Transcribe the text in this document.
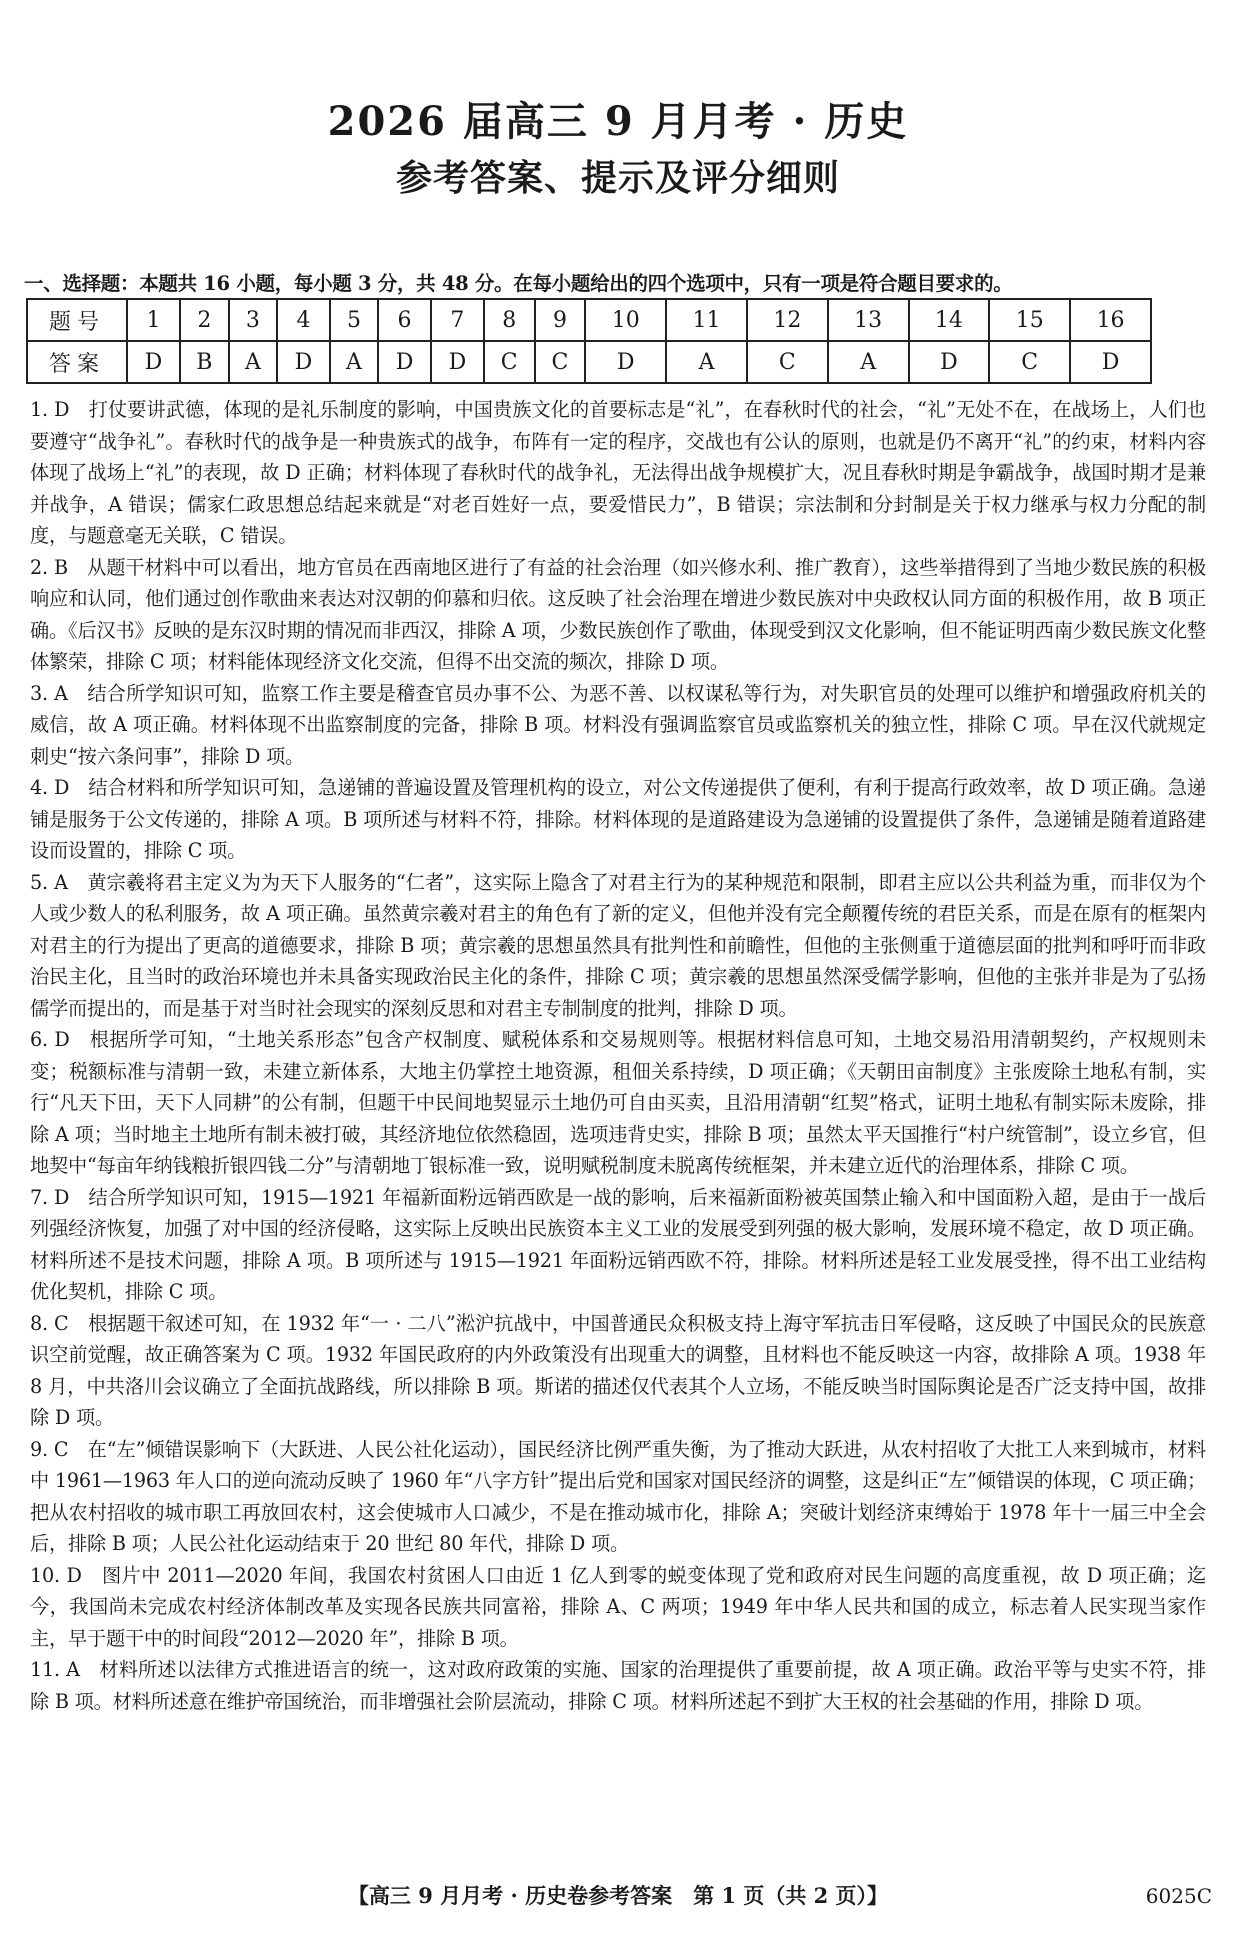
2026 届高三 9 月月考 · 历史
参考答案、提示及评分细则
一、选择题：本题共 16 小题，每小题 3 分，共 48 分。在每小题给出的四个选项中，只有一项是符合题目要求的。
题号	1	2	3	4	5	6	7	8	9	10	11	12	13	14	15	16
答案	D	B	A	D	A	D	D	C	C	D	A	C	A	D	C	D

1. D　打仗要讲武德，体现的是礼乐制度的影响，中国贵族文化的首要标志是“礼”，在春秋时代的社会，“礼”无处不在，在战场上，人们也要遵守“战争礼”。春秋时代的战争是一种贵族式的战争，布阵有一定的程序，交战也有公认的原则，也就是仍不离开“礼”的约束，材料内容体现了战场上“礼”的表现，故 D 正确；材料体现了春秋时代的战争礼，无法得出战争规模扩大，况且春秋时期是争霸战争，战国时期才是兼并战争，A 错误；儒家仁政思想总结起来就是“对老百姓好一点，要爱惜民力”，B 错误；宗法制和分封制是关于权力继承与权力分配的制度，与题意毫无关联，C 错误。

2. B　从题干材料中可以看出，地方官员在西南地区进行了有益的社会治理（如兴修水利、推广教育），这些举措得到了当地少数民族的积极响应和认同，他们通过创作歌曲来表达对汉朝的仰慕和归依。这反映了社会治理在增进少数民族对中央政权认同方面的积极作用，故 B 项正确。《后汉书》反映的是东汉时期的情况而非西汉，排除 A 项，少数民族创作了歌曲，体现受到汉文化影响，但不能证明西南少数民族文化整体繁荣，排除 C 项；材料能体现经济文化交流，但得不出交流的频次，排除 D 项。

3. A　结合所学知识可知，监察工作主要是稽查官员办事不公、为恶不善、以权谋私等行为，对失职官员的处理可以维护和增强政府机关的威信，故 A 项正确。材料体现不出监察制度的完备，排除 B 项。材料没有强调监察官员或监察机关的独立性，排除 C 项。早在汉代就规定刺史“按六条问事”，排除 D 项。

4. D　结合材料和所学知识可知，急递铺的普遍设置及管理机构的设立，对公文传递提供了便利，有利于提高行政效率，故 D 项正确。急递铺是服务于公文传递的，排除 A 项。B 项所述与材料不符，排除。材料体现的是道路建设为急递铺的设置提供了条件，急递铺是随着道路建设而设置的，排除 C 项。

5. A　黄宗羲将君主定义为为天下人服务的“仁者”，这实际上隐含了对君主行为的某种规范和限制，即君主应以公共利益为重，而非仅为个人或少数人的私利服务，故 A 项正确。虽然黄宗羲对君主的角色有了新的定义，但他并没有完全颠覆传统的君臣关系，而是在原有的框架内对君主的行为提出了更高的道德要求，排除 B 项；黄宗羲的思想虽然具有批判性和前瞻性，但他的主张侧重于道德层面的批判和呼吁而非政治民主化，且当时的政治环境也并未具备实现政治民主化的条件，排除 C 项；黄宗羲的思想虽然深受儒学影响，但他的主张并非是为了弘扬儒学而提出的，而是基于对当时社会现实的深刻反思和对君主专制制度的批判，排除 D 项。

6. D　根据所学可知，“土地关系形态”包含产权制度、赋税体系和交易规则等。根据材料信息可知，土地交易沿用清朝契约，产权规则未变；税额标准与清朝一致，未建立新体系，大地主仍掌控土地资源，租佃关系持续，D 项正确；《天朝田亩制度》主张废除土地私有制，实行“凡天下田，天下人同耕”的公有制，但题干中民间地契显示土地仍可自由买卖，且沿用清朝“红契”格式，证明土地私有制实际未废除，排除 A 项；当时地主土地所有制未被打破，其经济地位依然稳固，选项违背史实，排除 B 项；虽然太平天国推行“村户统管制”，设立乡官，但地契中“每亩年纳钱粮折银四钱二分”与清朝地丁银标准一致，说明赋税制度未脱离传统框架，并未建立近代的治理体系，排除 C 项。

7. D　结合所学知识可知，1915—1921 年福新面粉远销西欧是一战的影响，后来福新面粉被英国禁止输入和中国面粉入超，是由于一战后列强经济恢复，加强了对中国的经济侵略，这实际上反映出民族资本主义工业的发展受到列强的极大影响，发展环境不稳定，故 D 项正确。材料所述不是技术问题，排除 A 项。B 项所述与 1915—1921 年面粉远销西欧不符，排除。材料所述是轻工业发展受挫，得不出工业结构优化契机，排除 C 项。

8. C　根据题干叙述可知，在 1932 年“一 · 二八”淞沪抗战中，中国普通民众积极支持上海守军抗击日军侵略，这反映了中国民众的民族意识空前觉醒，故正确答案为 C 项。1932 年国民政府的内外政策没有出现重大的调整，且材料也不能反映这一内容，故排除 A 项。1938 年 8 月，中共洛川会议确立了全面抗战路线，所以排除 B 项。斯诺的描述仅代表其个人立场，不能反映当时国际舆论是否广泛支持中国，故排除 D 项。

9. C　在“左”倾错误影响下（大跃进、人民公社化运动），国民经济比例严重失衡，为了推动大跃进，从农村招收了大批工人来到城市，材料中 1961—1963 年人口的逆向流动反映了 1960 年“八字方针”提出后党和国家对国民经济的调整，这是纠正“左”倾错误的体现，C 项正确；把从农村招收的城市职工再放回农村，这会使城市人口减少，不是在推动城市化，排除 A；突破计划经济束缚始于 1978 年十一届三中全会后，排除 B 项；人民公社化运动结束于 20 世纪 80 年代，排除 D 项。

10. D　图片中 2011—2020 年间，我国农村贫困人口由近 1 亿人到零的蜕变体现了党和政府对民生问题的高度重视，故 D 项正确；迄今，我国尚未完成农村经济体制改革及实现各民族共同富裕，排除 A、C 两项；1949 年中华人民共和国的成立，标志着人民实现当家作主，早于题干中的时间段“2012—2020 年”，排除 B 项。

11. A　材料所述以法律方式推进语言的统一，这对政府政策的实施、国家的治理提供了重要前提，故 A 项正确。政治平等与史实不符，排除 B 项。材料所述意在维护帝国统治，而非增强社会阶层流动，排除 C 项。材料所述起不到扩大王权的社会基础的作用，排除 D 项。

【高三 9 月月考 · 历史卷参考答案　第 1 页（共 2 页）】	6025C
